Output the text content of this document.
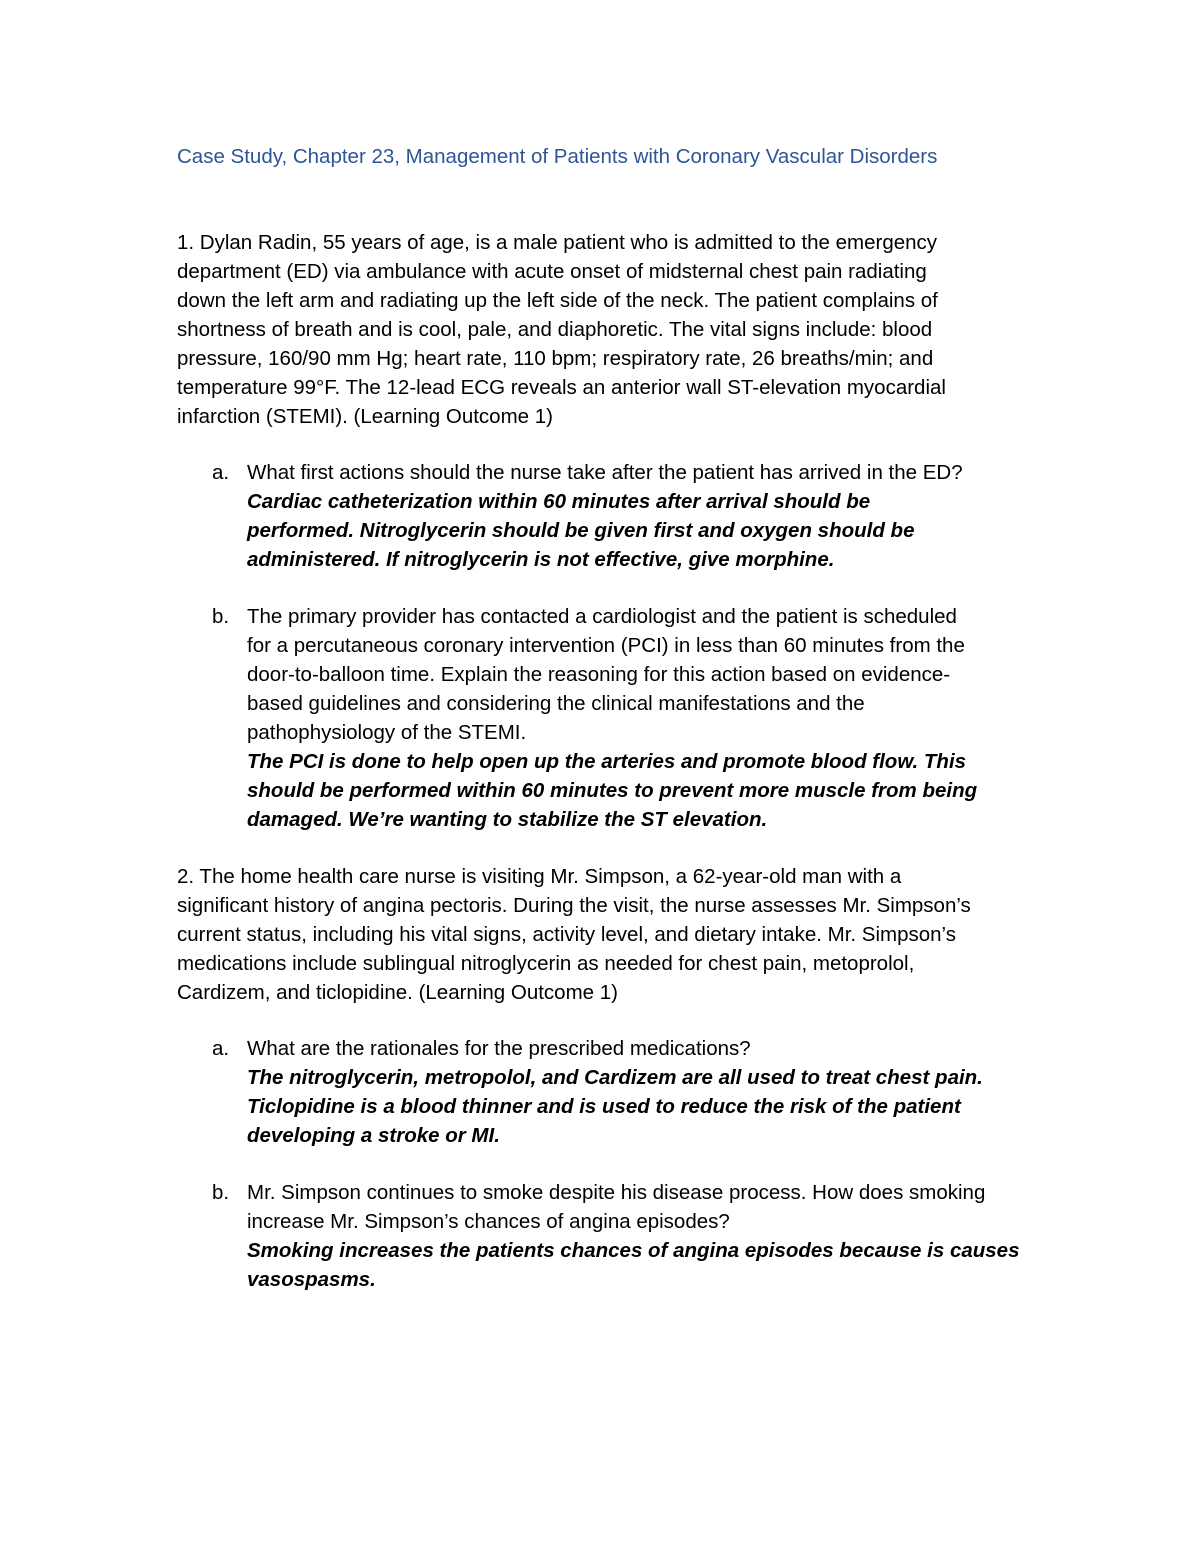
Case Study, Chapter 23, Management of Patients with Coronary Vascular Disorders
1. Dylan Radin, 55 years of age, is a male patient who is admitted to the emergency
department (ED) via ambulance with acute onset of midsternal chest pain radiating
down the left arm and radiating up the left side of the neck. The patient complains of
shortness of breath and is cool, pale, and diaphoretic. The vital signs include: blood
pressure, 160/90 mm Hg; heart rate, 110 bpm; respiratory rate, 26 breaths/min; and
temperature 99°F. The 12-lead ECG reveals an anterior wall ST-elevation myocardial
infarction (STEMI). (Learning Outcome 1)
a. What first actions should the nurse take after the patient has arrived in the ED?
Cardiac catheterization within 60 minutes after arrival should be
performed. Nitroglycerin should be given first and oxygen should be
administered. If nitroglycerin is not effective, give morphine.
b. The primary provider has contacted a cardiologist and the patient is scheduled
for a percutaneous coronary intervention (PCI) in less than 60 minutes from the
door-to-balloon time. Explain the reasoning for this action based on evidence-
based guidelines and considering the clinical manifestations and the
pathophysiology of the STEMI.
The PCI is done to help open up the arteries and promote blood flow. This
should be performed within 60 minutes to prevent more muscle from being
damaged. We’re wanting to stabilize the ST elevation.
2. The home health care nurse is visiting Mr. Simpson, a 62-year-old man with a
significant history of angina pectoris. During the visit, the nurse assesses Mr. Simpson’s
current status, including his vital signs, activity level, and dietary intake. Mr. Simpson’s
medications include sublingual nitroglycerin as needed for chest pain, metoprolol,
Cardizem, and ticlopidine. (Learning Outcome 1)
a. What are the rationales for the prescribed medications?
The nitroglycerin, metropolol, and Cardizem are all used to treat chest pain.
Ticlopidine is a blood thinner and is used to reduce the risk of the patient
developing a stroke or MI.
b. Mr. Simpson continues to smoke despite his disease process. How does smoking
increase Mr. Simpson’s chances of angina episodes?
Smoking increases the patients chances of angina episodes because is causes
vasospasms.
